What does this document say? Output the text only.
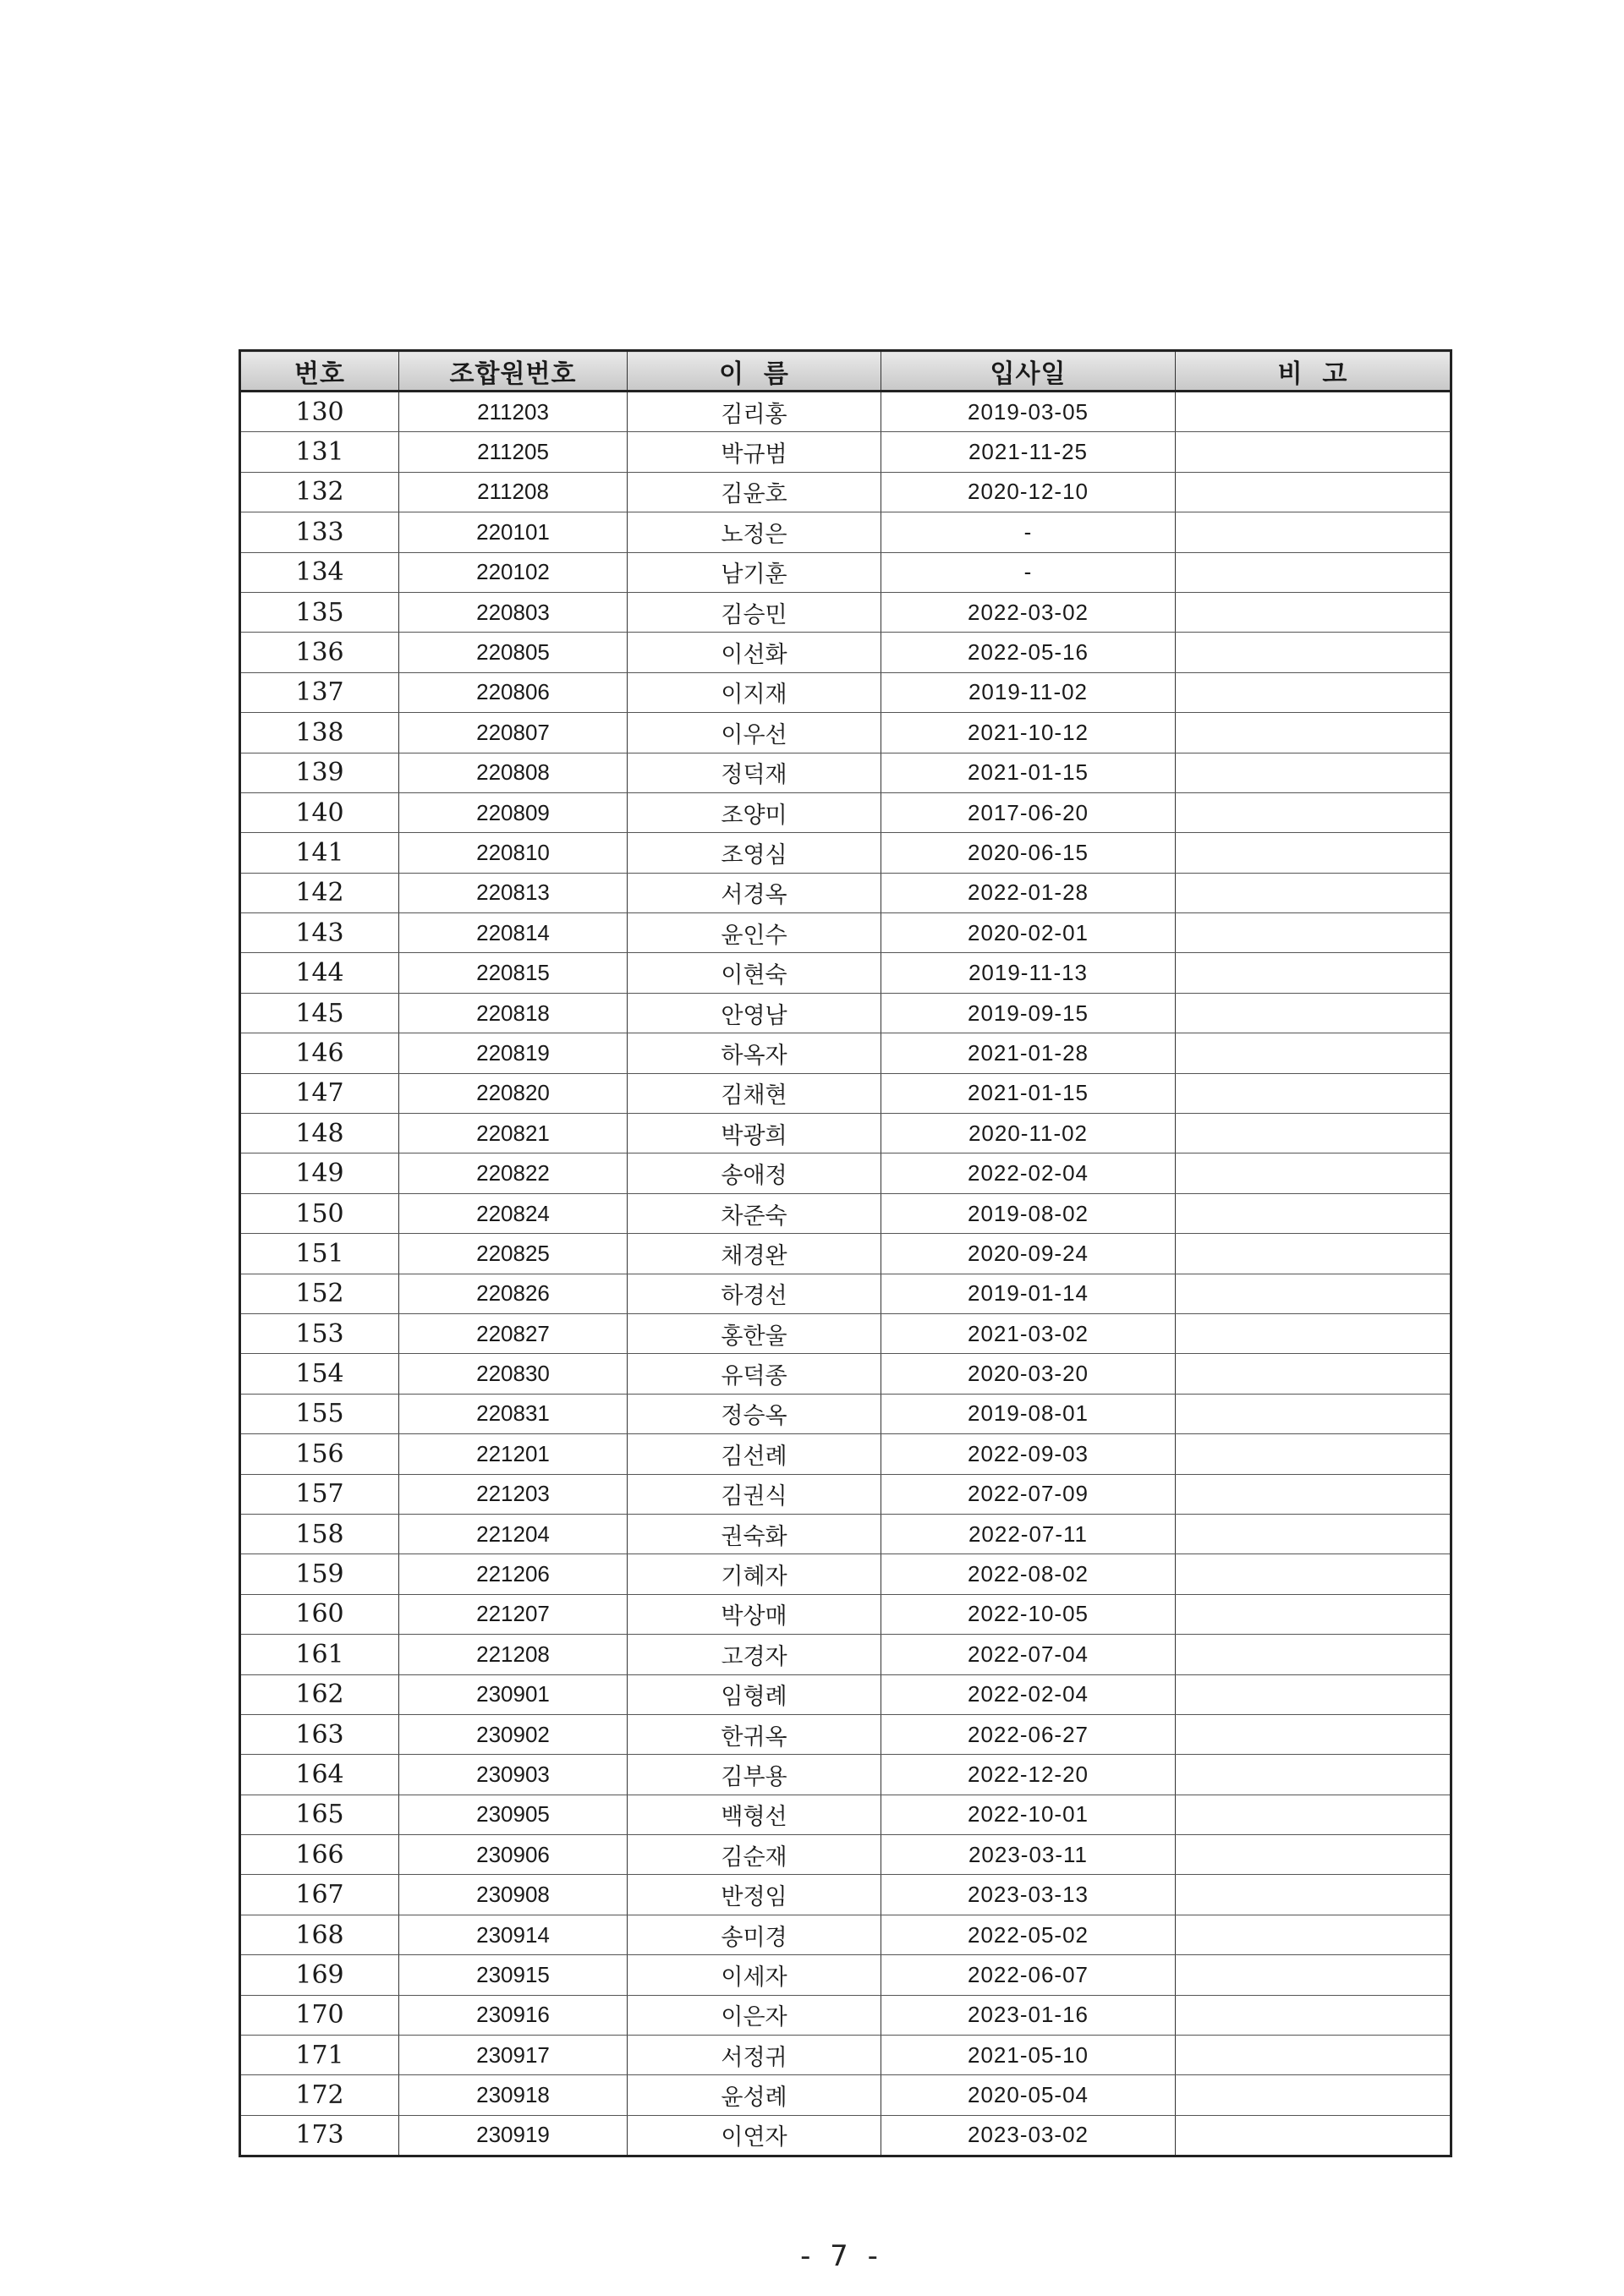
번호	조합원번호	이  름	입사일	비  고
130	211203	김리홍	2019-03-05	
131	211205	박규범	2021-11-25	
132	211208	김윤호	2020-12-10	
133	220101	노정은	-	
134	220102	남기훈	-	
135	220803	김승민	2022-03-02	
136	220805	이선화	2022-05-16	
137	220806	이지재	2019-11-02	
138	220807	이우선	2021-10-12	
139	220808	정덕재	2021-01-15	
140	220809	조양미	2017-06-20	
141	220810	조영심	2020-06-15	
142	220813	서경옥	2022-01-28	
143	220814	윤인수	2020-02-01	
144	220815	이현숙	2019-11-13	
145	220818	안영남	2019-09-15	
146	220819	하옥자	2021-01-28	
147	220820	김채현	2021-01-15	
148	220821	박광희	2020-11-02	
149	220822	송애정	2022-02-04	
150	220824	차준숙	2019-08-02	
151	220825	채경완	2020-09-24	
152	220826	하경선	2019-01-14	
153	220827	홍한울	2021-03-02	
154	220830	유덕종	2020-03-20	
155	220831	정승옥	2019-08-01	
156	221201	김선례	2022-09-03	
157	221203	김권식	2022-07-09	
158	221204	권숙화	2022-07-11	
159	221206	기혜자	2022-08-02	
160	221207	박상매	2022-10-05	
161	221208	고경자	2022-07-04	
162	230901	임형례	2022-02-04	
163	230902	한귀옥	2022-06-27	
164	230903	김부용	2022-12-20	
165	230905	백형선	2022-10-01	
166	230906	김순재	2023-03-11	
167	230908	반정임	2023-03-13	
168	230914	송미경	2022-05-02	
169	230915	이세자	2022-06-07	
170	230916	이은자	2023-01-16	
171	230917	서정귀	2021-05-10	
172	230918	윤성례	2020-05-04	
173	230919	이연자	2023-03-02	
- 7 -
